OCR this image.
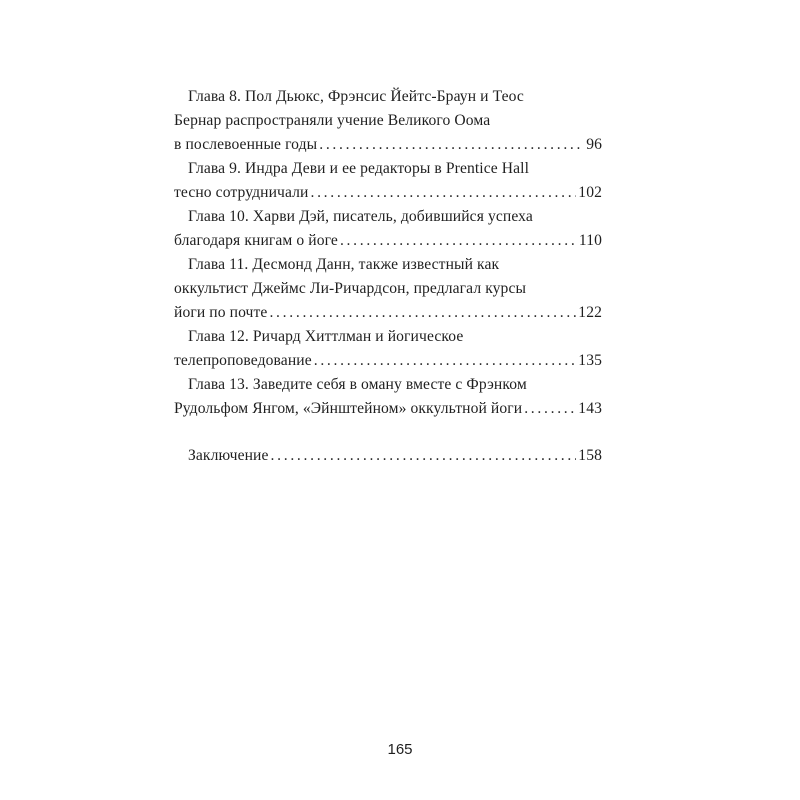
Глава 8. Пол Дьюкс, Фрэнсис Йейтс-Браун и Теос
Бернар распространяли учение Великого Оома
в послевоенные годы . . .	96
Глава 9. Индра Деви и ее редакторы в Prentice Hall
тесно сотрудничали . . .	102
Глава 10. Харви Дэй, писатель, добившийся успеха
благодаря книгам о йоге . . .	110
Глава 11. Десмонд Данн, также известный как
оккультист Джеймс Ли-Ричардсон, предлагал курсы
йоги по почте . . .	122
Глава 12. Ричард Хиттлман и йогическое
телепроповедование . . .	135
Глава 13. Заведите себя в оману вместе с Фрэнком
Рудольфом Янгом, «Эйнштейном» оккультной йоги . . .	143
Заключение . . .	158
165
